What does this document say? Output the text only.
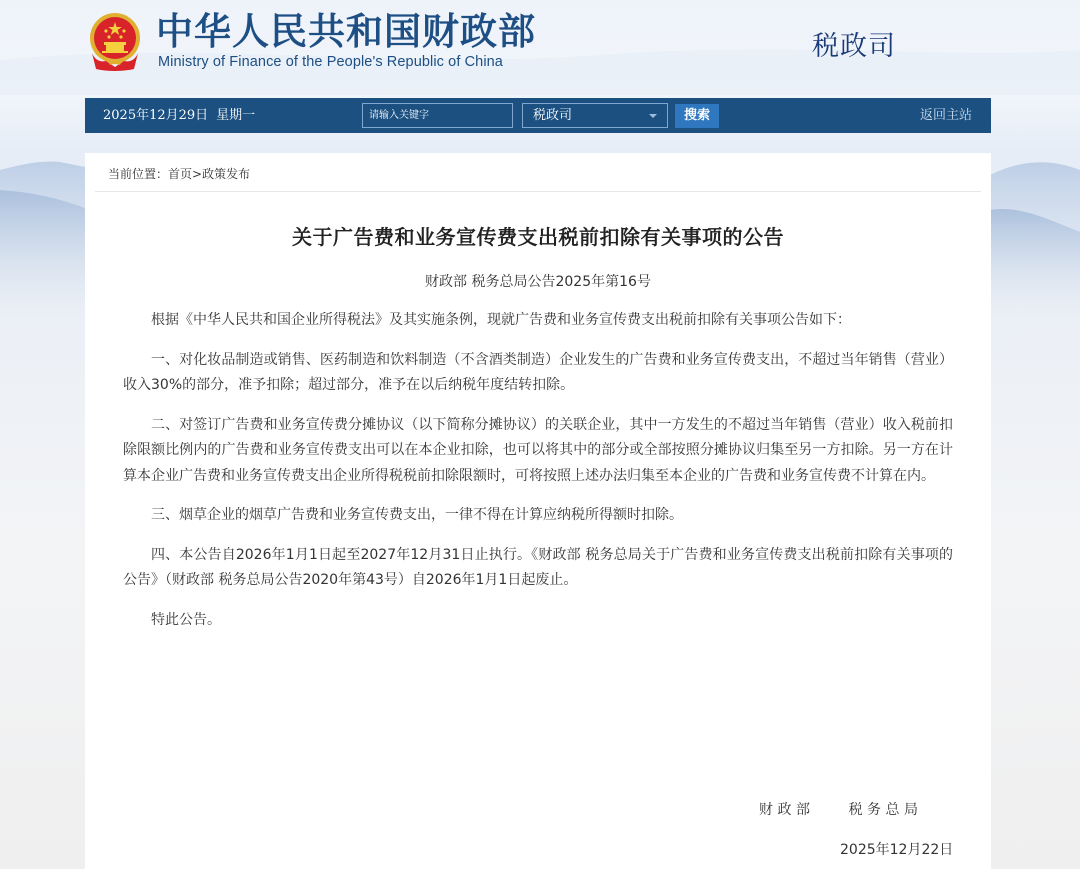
中华人民共和国财政部
Ministry of Finance of the People's Republic of China	税政司
2025年12月29日 星期一
请输入关键字	税政司	搜索	返回主站
当前位置：首页>政策发布
关于广告费和业务宣传费支出税前扣除有关事项的公告
财政部 税务总局公告2025年第16号

根据《中华人民共和国企业所得税法》及其实施条例，现就广告费和业务宣传费支出税前扣除有关事项公告如下：

一、对化妆品制造或销售、医药制造和饮料制造（不含酒类制造）企业发生的广告费和业务宣传费支出，不超过当年销售（营业）收入30%的部分，准予扣除；超过部分，准予在以后纳税年度结转扣除。

二、对签订广告费和业务宣传费分摊协议（以下简称分摊协议）的关联企业，其中一方发生的不超过当年销售（营业）收入税前扣除限额比例内的广告费和业务宣传费支出可以在本企业扣除，也可以将其中的部分或全部按照分摊协议归集至另一方扣除。另一方在计算本企业广告费和业务宣传费支出企业所得税税前扣除限额时，可将按照上述办法归集至本企业的广告费和业务宣传费不计算在内。

三、烟草企业的烟草广告费和业务宣传费支出，一律不得在计算应纳税所得额时扣除。

四、本公告自2026年1月1日起至2027年12月31日止执行。《财政部 税务总局关于广告费和业务宣传费支出税前扣除有关事项的公告》（财政部 税务总局公告2020年第43号）自2026年1月1日起废止。

特此公告。

财政部 税务总局
2025年12月22日
